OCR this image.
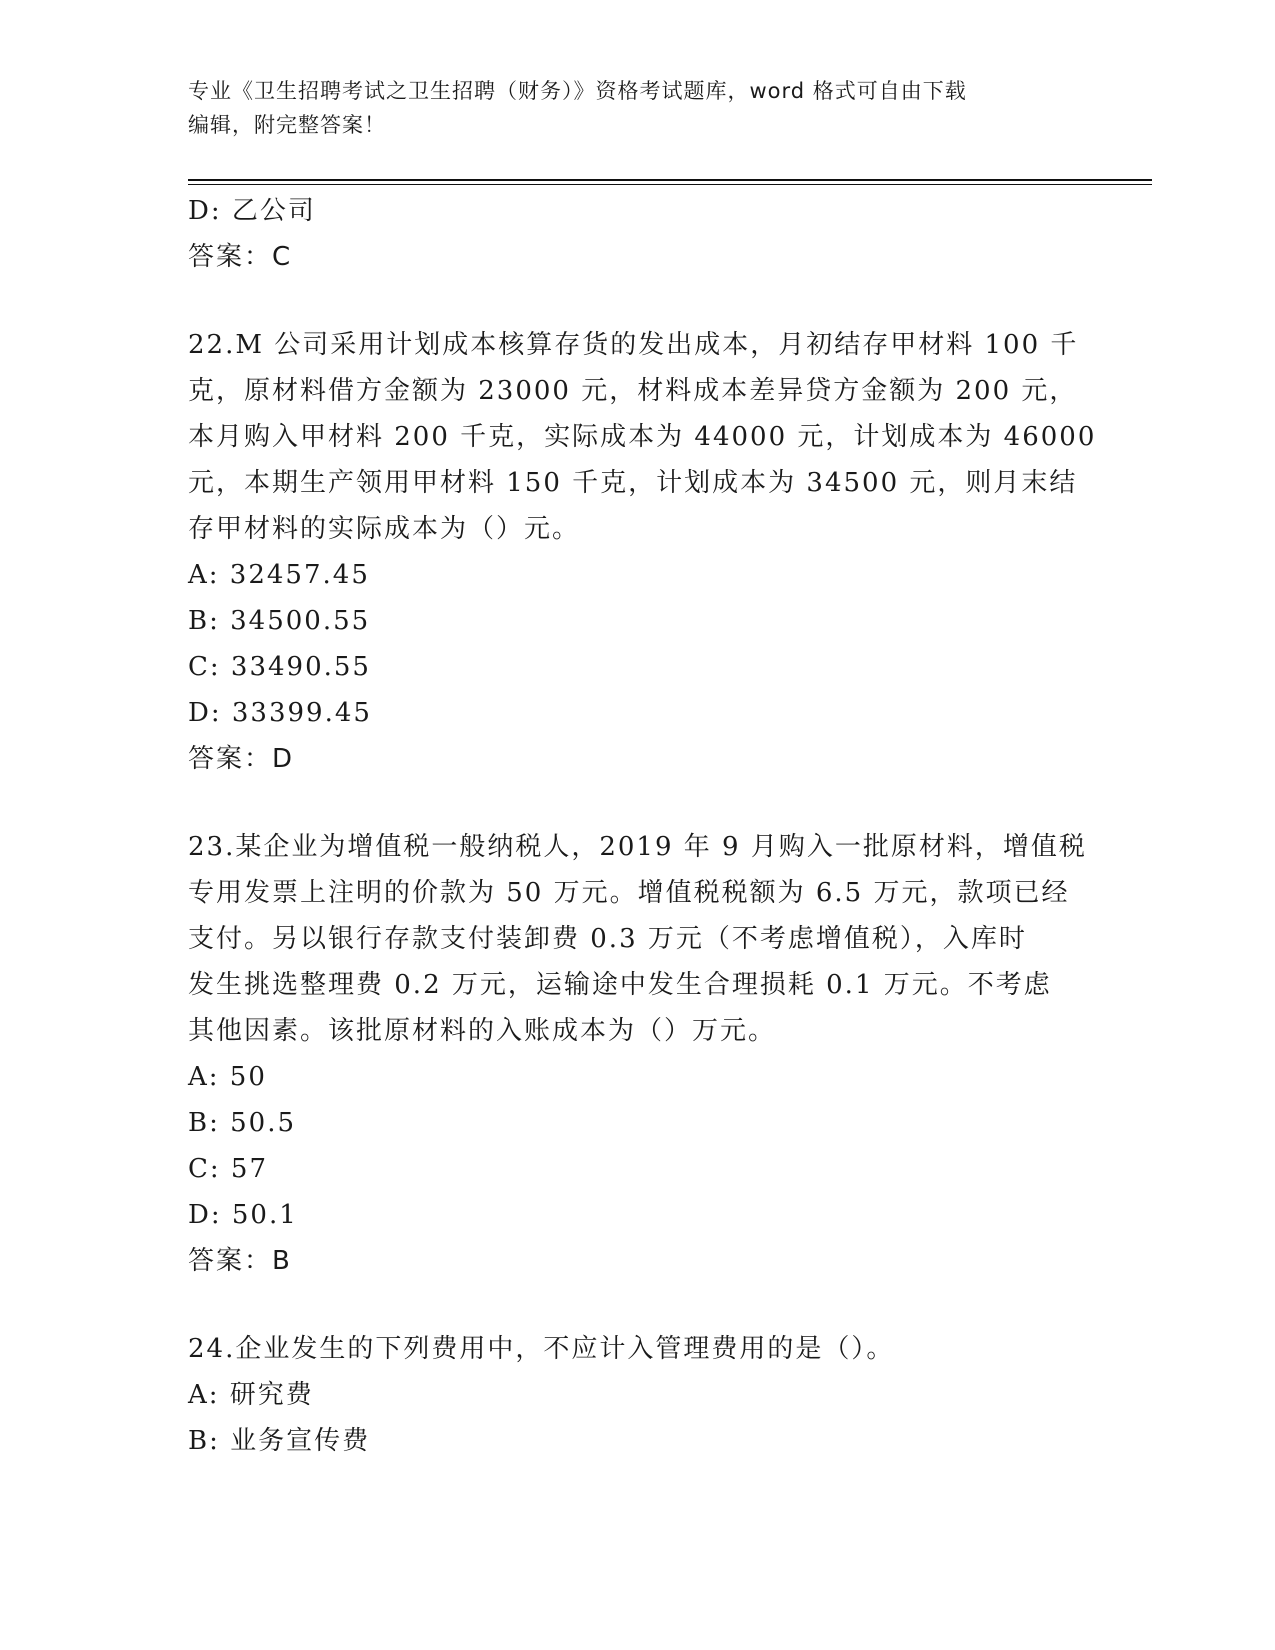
专业《卫生招聘考试之卫生招聘（财务）》资格考试题库，word 格式可自由下载
编辑，附完整答案！
D: 乙公司
答案：C
22.M 公司采用计划成本核算存货的发出成本，月初结存甲材料 100 千
克，原材料借方金额为 23000 元，材料成本差异贷方金额为 200 元，
本月购入甲材料 200 千克，实际成本为 44000 元，计划成本为 46000
元，本期生产领用甲材料 150 千克，计划成本为 34500 元，则月末结
存甲材料的实际成本为（）元。
A: 32457.45
B: 34500.55
C: 33490.55
D: 33399.45
答案：D
23.某企业为增值税一般纳税人，2019 年 9 月购入一批原材料，增值税
专用发票上注明的价款为 50 万元。增值税税额为 6.5 万元，款项已经
支付。另以银行存款支付装卸费 0.3 万元（不考虑增值税），入库时
发生挑选整理费 0.2 万元，运输途中发生合理损耗 0.1 万元。不考虑
其他因素。该批原材料的入账成本为（）万元。
A: 50
B: 50.5
C: 57
D: 50.1
答案：B
24.企业发生的下列费用中，不应计入管理费用的是（）。
A: 研究费
B: 业务宣传费
